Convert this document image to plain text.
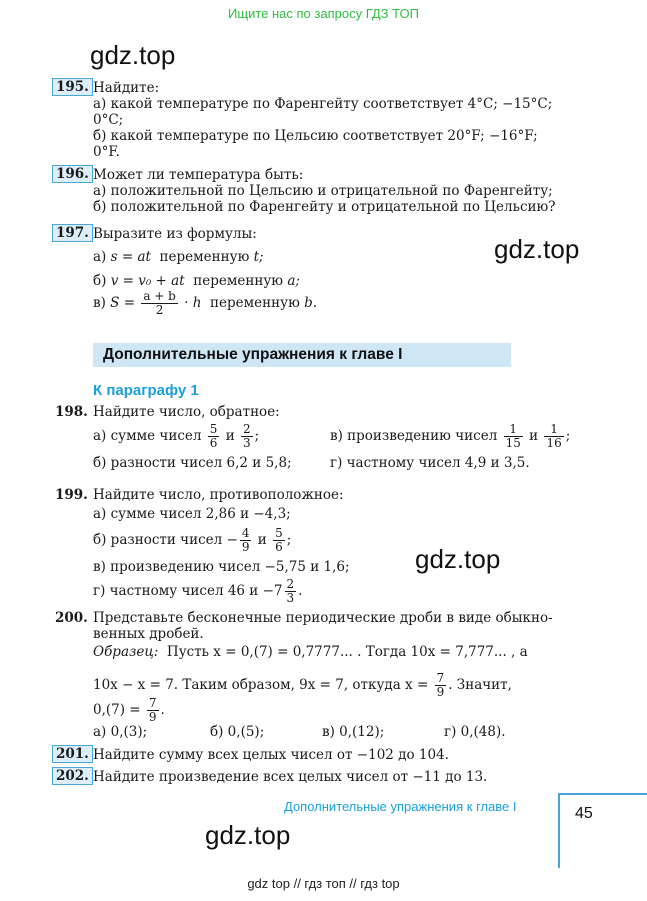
Ищите нас по запросу ГДЗ ТОП
gdz.top
gdz.top
gdz.top
gdz.top
195. Найдите:
а) какой температуре по Фаренгейту соответствует 4°C; −15°C;
0°C;
б) какой температуре по Цельсию соответствует 20°F; −16°F;
0°F.
196. Может ли температура быть:
а) положительной по Цельсию и отрицательной по Фаренгейту;
б) положительной по Фаренгейту и отрицательной по Цельсию?
197. Выразите из формулы:
а) s = at переменную t;
б) v = v₀ + at переменную a;
в) $S = \frac{a + b}{2} \cdot h$ переменную b.
Дополнительные упражнения к главе I
К параграфу 1
198. Найдите число, обратное:
а) сумме чисел $\frac{5}{6}$ и $\frac{2}{3}$ ;	в) произведению чисел $\frac{1}{15}$ и $\frac{1}{16}$ ;
б) разности чисел 6,2 и 5,8;	г) частному чисел 4,9 и 3,5.
199. Найдите число, противоположное:
а) сумме чисел 2,86 и −4,3;
б) разности чисел − $\frac{4}{9}$ и $\frac{5}{6}$ ;
в) произведению чисел −5,75 и 1,6;
г) частному чисел 46 $и -7 \frac{2}{3}$ .
200. Представьте бесконечные периодические дроби в виде обыкно-
венных дробей.
Образец: Пусть x = 0,(7) = 0,7777... . Тогда 10x = 7,777... , а
10x − x = 7. Таким образом, 9x = 7, откуда $x = \frac{7}{9}$ . Значит,
$0,(7) = \frac{7}{9}$ .
а) 0,(3);	б) 0,(5);	в) 0,(12);	г) 0,(48).
201. Найдите сумму всех целых чисел от −102 до 104.
202. Найдите произведение всех целых чисел от −11 до 13.
Дополнительные упражнения к главе I	45
gdz top // гдз топ // гдз top
